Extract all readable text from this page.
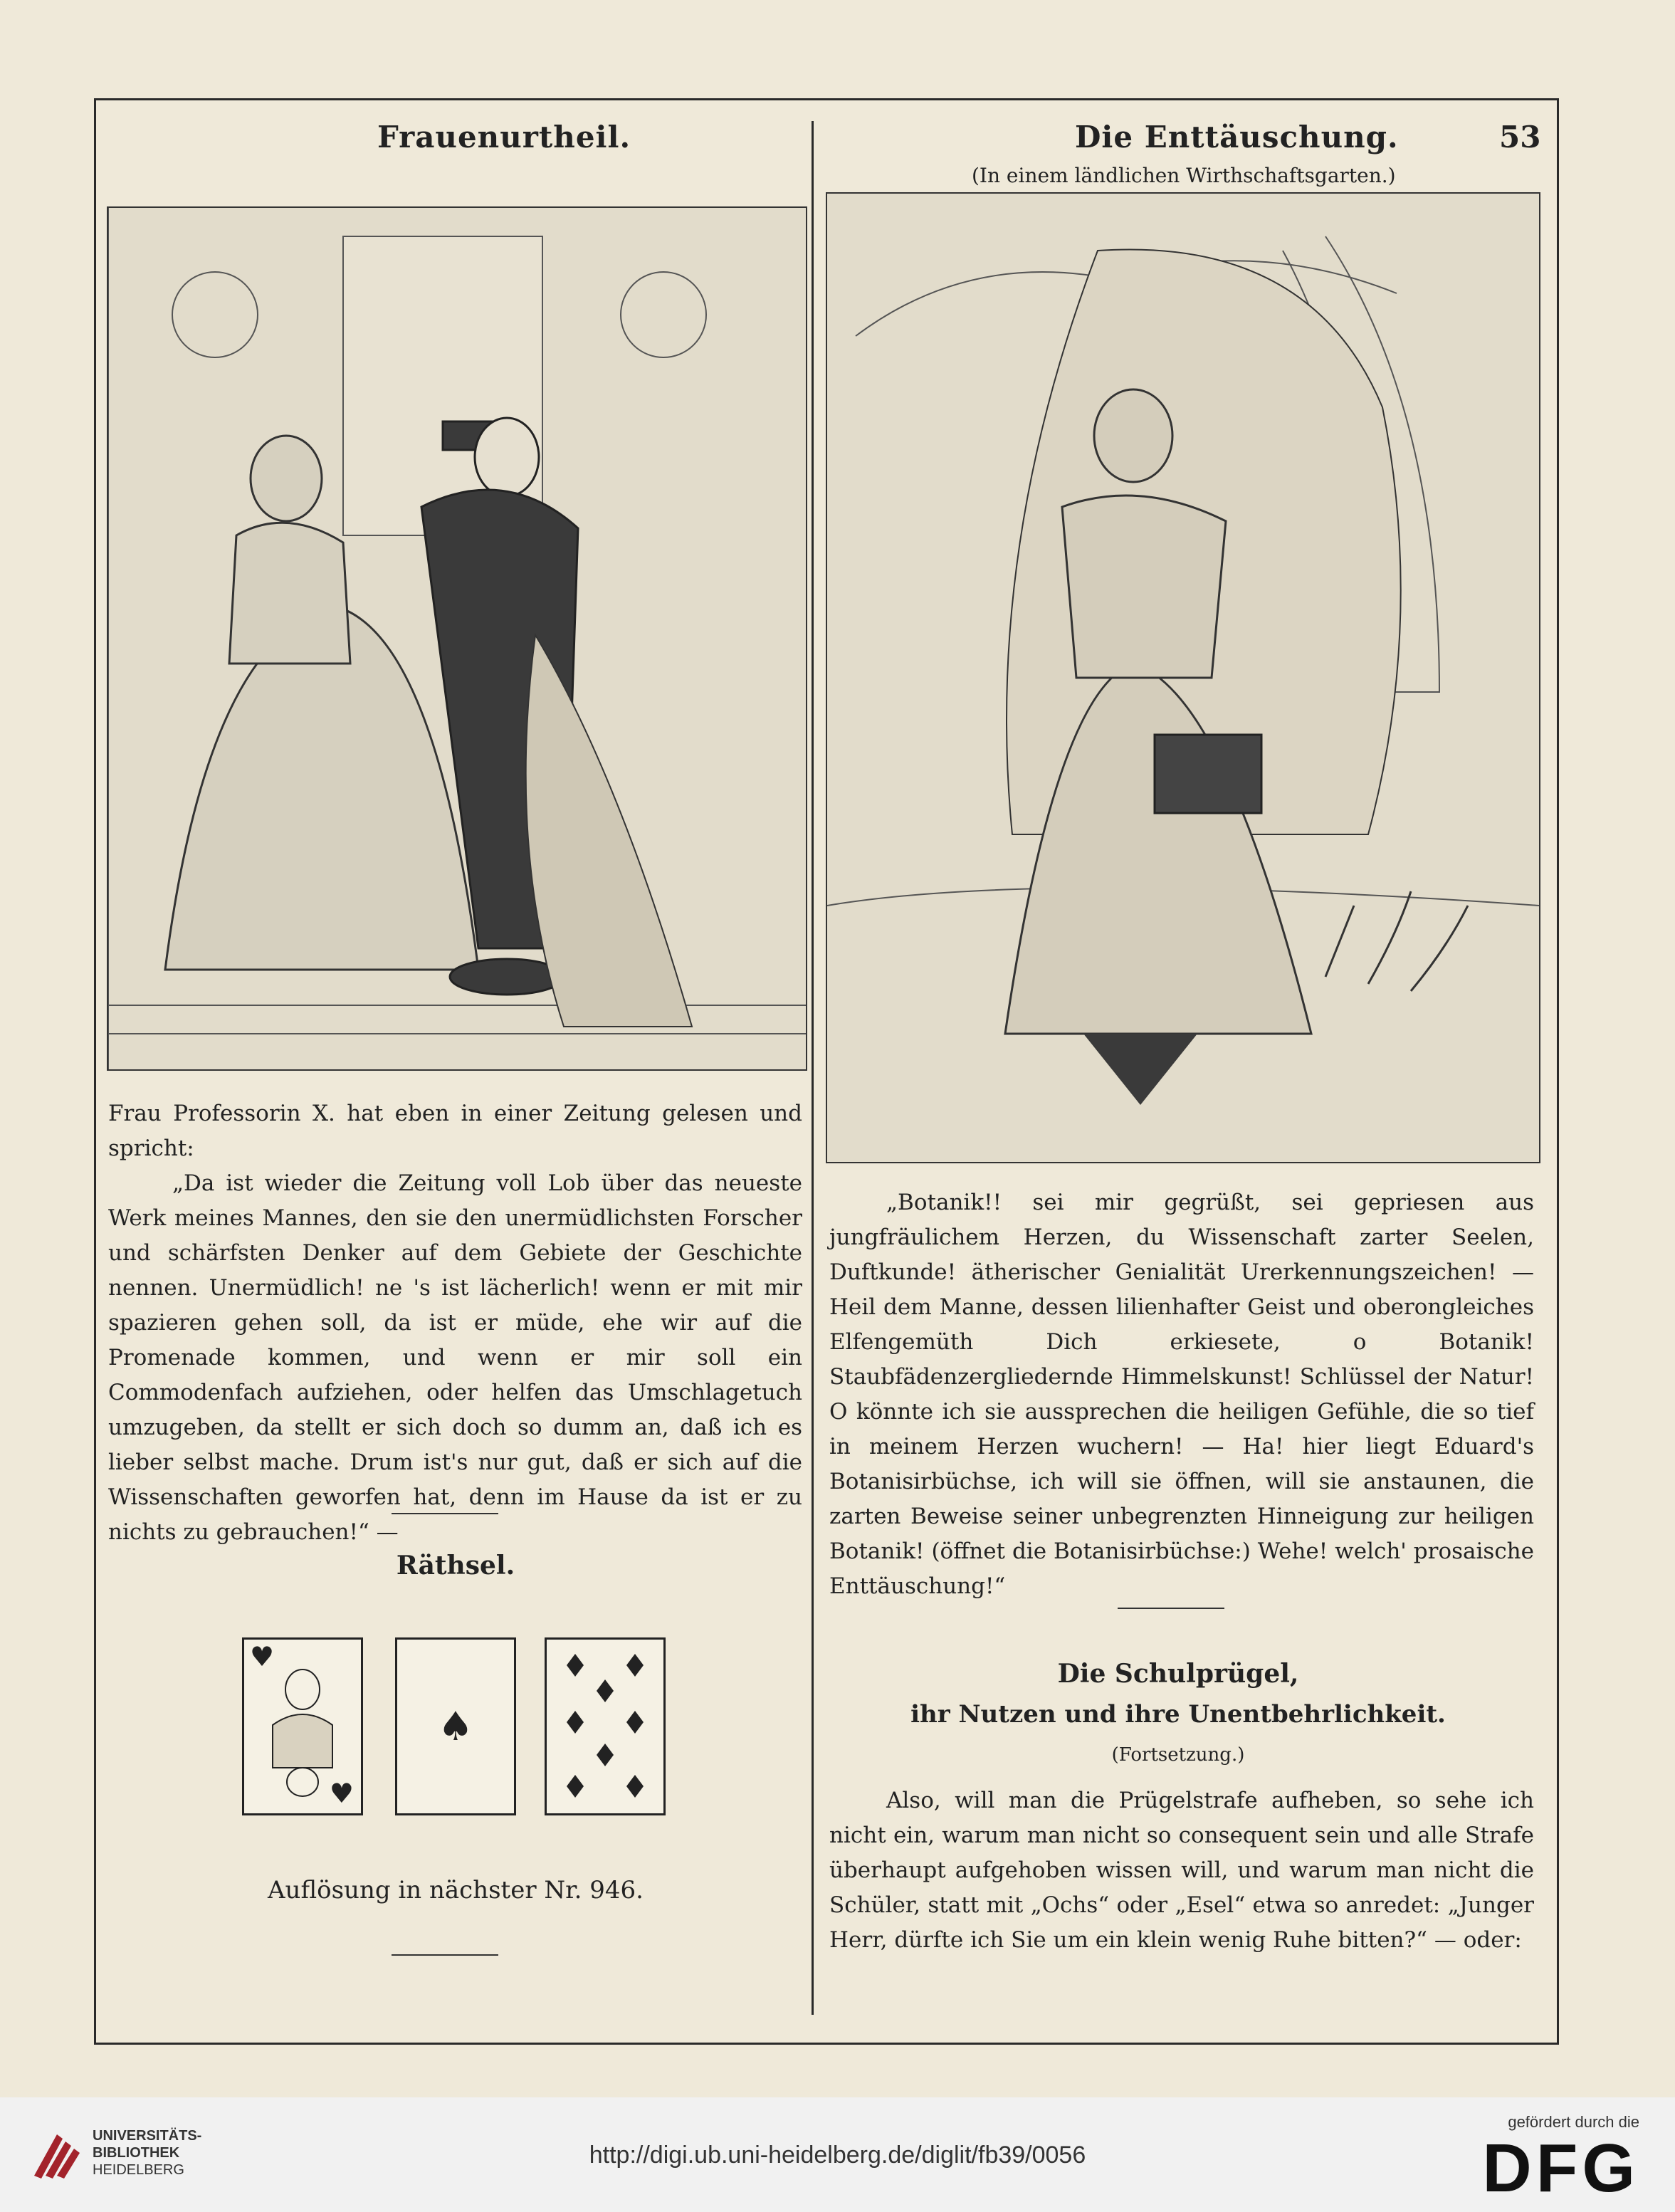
Frauenurtheil.	Die Enttäuschung.	53
(In einem ländlichen Wirthschaftsgarten.)

Frau Professorin X. hat eben in einer Zeitung gelesen und spricht:

„Da ist wieder die Zeitung voll Lob über das neueste Werk meines Mannes, den sie den unermüdlichsten Forscher und schärfsten Denker auf dem Gebiete der Geschichte nennen. Unermüdlich! ne 's ist lächerlich! wenn er mit mir spazieren gehen soll, da ist er müde, ehe wir auf die Promenade kommen, und wenn er mir soll ein Commodenfach aufziehen, oder helfen das Umschlagetuch umzugeben, da stellt er sich doch so dumm an, daß ich es lieber selbst mache. Drum ist's nur gut, daß er sich auf die Wissenschaften geworfen hat, denn im Hause da ist er zu nichts zu gebrauchen!“ —

Räthsel.
♥
♥
♠
Auflösung in nächster Nr. 946.

„Botanik!! sei mir gegrüßt, sei gepriesen aus jungfräulichem Herzen, du Wissenschaft zarter Seelen, Duftkunde! ätherischer Genialität Urerkennungszeichen! — Heil dem Manne, dessen lilienhafter Geist und oberongleiches Elfengemüth Dich erkiesete, o Botanik! Staubfädenzergliedernde Himmelskunst! Schlüssel der Natur! O könnte ich sie aussprechen die heiligen Gefühle, die so tief in meinem Herzen wuchern! — Ha! hier liegt Eduard's Botanisirbüchse, ich will sie öffnen, will sie anstaunen, die zarten Beweise seiner unbegrenzten Hinneigung zur heiligen Botanik! (öffnet die Botanisirbüchse:) Wehe! welch' prosaische Enttäuschung!“

Die Schulprügel,
ihr Nutzen und ihre Unentbehrlichkeit.
(Fortsetzung.)

Also, will man die Prügelstrafe aufheben, so sehe ich nicht ein, warum man nicht so consequent sein und alle Strafe überhaupt aufgehoben wissen will, und warum man nicht die Schüler, statt mit „Ochs“ oder „Esel“ etwa so anredet: „Junger Herr, dürfte ich Sie um ein klein wenig Ruhe bitten?“ — oder:

UNIVERSITÄTS-
BIBLIOTHEK
HEIDELBERG
http://digi.ub.uni-heidelberg.de/diglit/fb39/0056
gefördert durch die
DFG
